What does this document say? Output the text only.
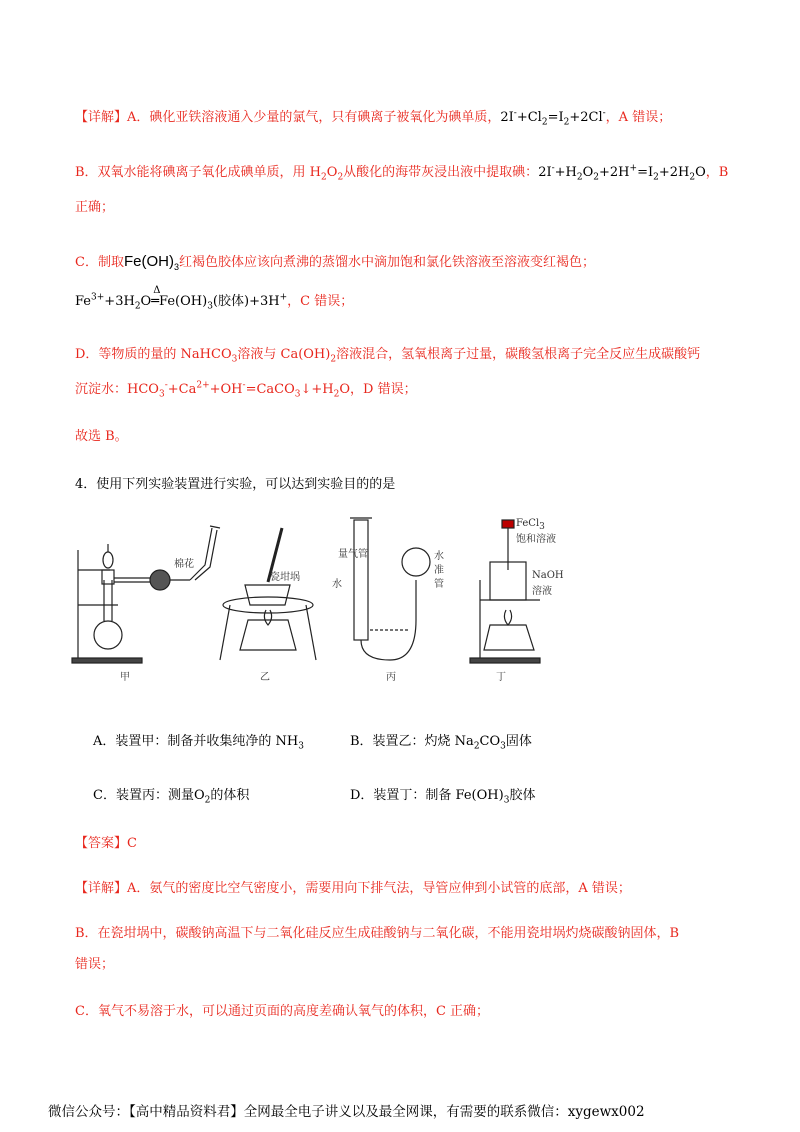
【详解】A．碘化亚铁溶液通入少量的氯气，只有碘离子被氧化为碘单质，$2I^-+Cl_2=I_2+2Cl^-$，A 错误；
B．双氧水能将碘离子氧化成碘单质，用 $H_2O_2$从酸化的海带灰浸出液中提取碘：$2I^-+H_2O_2+2H^+=I_2+2H_2O$，B
正确；
C．制取$Fe(OH)_3$红褐色胶体应该向煮沸的蒸馏水中滴加饱和氯化铁溶液至溶液变红褐色；
$Fe^{3+}+3H_2O═$
Δ
$Fe(OH)_3$(胶体)+3H+，C 错误；
D．等物质的量的 NaHCO$_3$溶液与 $Ca(OH)_2$溶液混合，氢氧根离子过量，碳酸氢根离子完全反应生成碳酸钙
沉淀水：$HCO_3^-+Ca^{2+}+OH^-=CaCO_3↓+H_2O$，D 错误；
故选 B。
4．使用下列实验装置进行实验，可以达到实验目的的是
棉花
瓷坩埚
量气管
水
水准管
FeCl$_3$
饱和溶液
NaOH
溶液
甲	乙	丙	丁
A．装置甲：制备并收集纯净的 $NH_3$	B．装置乙：灼烧 $Na_2CO_3$固体
C．装置丙：测量$O_2$的体积	D．装置丁：制备 $Fe(OH)_3$胶体
【答案】C
【详解】A．氨气的密度比空气密度小，需要用向下排气法，导管应伸到小试管的底部，A 错误；
B．在瓷坩埚中，碳酸钠高温下与二氧化硅反应生成硅酸钠与二氧化碳，不能用瓷坩埚灼烧碳酸钠固体，B
错误；
C．氧气不易溶于水，可以通过页面的高度差确认氧气的体积，C 正确；
微信公众号：【高中精品资料君】全网最全电子讲义以及最全网课，有需要的联系微信：xygewx002
